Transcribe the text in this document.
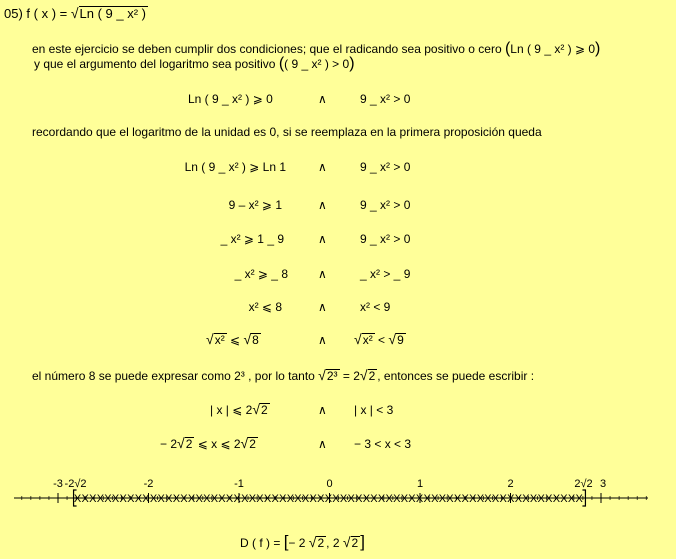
05) f ( x ) = √Ln ( 9 _ x² )
en este ejercicio se deben cumplir dos condiciones; que el radicando sea positivo o cero (Ln ( 9 _ x² ) ⩾ 0)
y que el argumento del logaritmo sea positivo (( 9 _ x² ) > 0)
Ln ( 9 _ x² ) ⩾ 0	∧	9 _ x² > 0
recordando que el logaritmo de la unidad es 0, si se reemplaza en la primera proposición queda
Ln ( 9 _ x² ) ⩾ Ln 1	∧	9 _ x² > 0
9 – x² ⩾ 1	∧	9 _ x² > 0
_ x² ⩾ 1 _ 9	∧	9 _ x² > 0
_ x² ⩾ _ 8	∧	_ x² > _ 9
x² ⩽ 8	∧	x² < 9
√x² ⩽ √8	∧ √x² < √9
el número 8 se puede expresar como 2³ , por lo tanto √2³ = 2√2 , entonces se puede escribir :
| x | ⩽ 2√2	∧ | x | < 3
− 2√2 ⩽ x ⩽ 2√2	∧ − 3 < x < 3
-3 -2√2	-2	-1	0	1	2	2√2 3
X X X X X X X X X X X X X X X X X X X X X X X X X X X X X X X X X X X X X X X X X X X X X X X X X X X X X X X X X X X X X X X X X X X
D ( f ) = [− 2 √2 , 2 √2 ]
